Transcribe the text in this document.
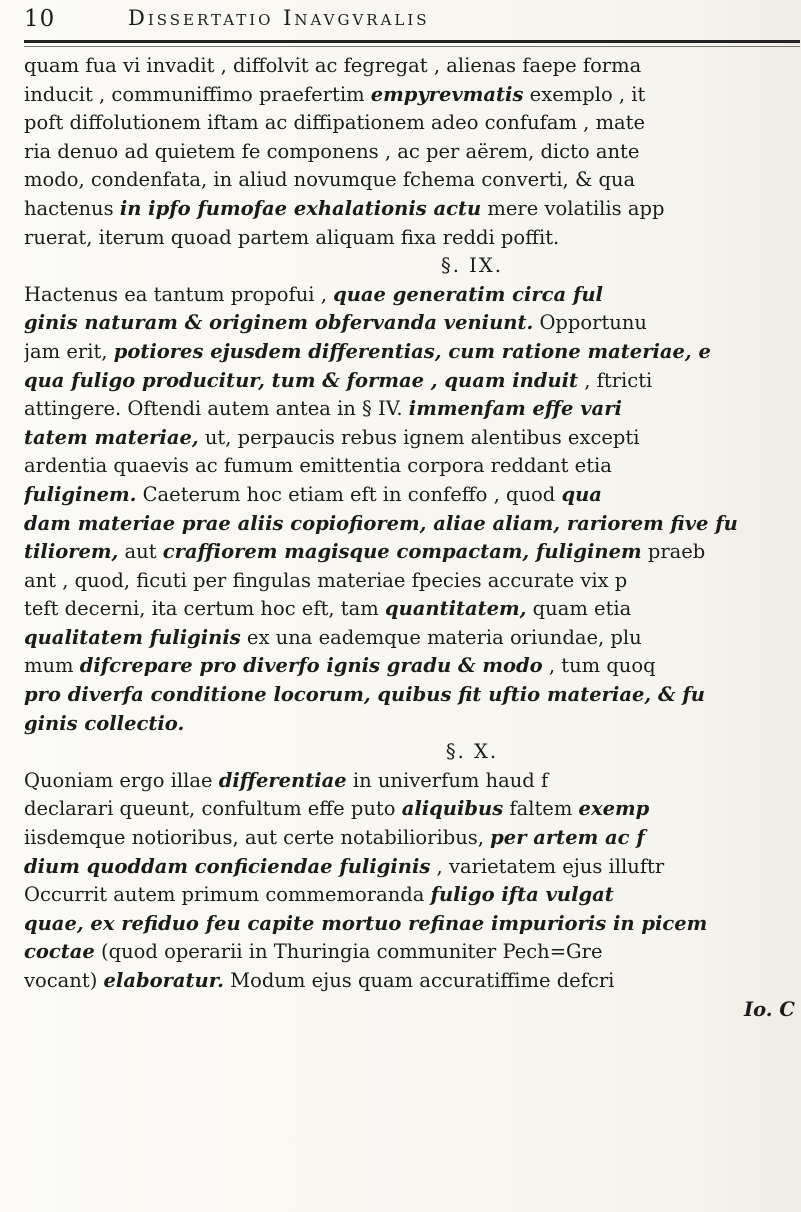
10	Dissertatio Inavgvralis
quam fua vi invadit , diffolvit ac fegregat , alienas faepe forma
inducit , communiffimo praefertim empyrevmatis exemplo , it
poft diffolutionem iftam ac diffipationem adeo confufam , mate
ria denuo ad quietem fe componens , ac per aërem, dicto ante
modo, condenfata, in aliud novumque fchema converti, & qua
hactenus in ipfo fumofae exhalationis actu mere volatilis app
ruerat, iterum quoad partem aliquam fixa reddi poffit.
§. IX.
Hactenus ea tantum propofui , quae generatim circa ful
ginis naturam & originem obfervanda veniunt. Opportunu
jam erit, potiores ejusdem differentias, cum ratione materiae, e
qua fuligo producitur, tum & formae , quam induit , ftricti
attingere. Oftendi autem antea in § IV. immenfam effe vari
tatem materiae, ut, perpaucis rebus ignem alentibus excepti
ardentia quaevis ac fumum emittentia corpora reddant etia
fuliginem. Caeterum hoc etiam eft in confeffo , quod qua
dam materiae prae aliis copiofiorem, aliae aliam, rariorem five fu
tiliorem, aut craffiorem magisque compactam, fuliginem praeb
ant , quod, ficuti per fingulas materiae fpecies accurate vix p
teft decerni, ita certum hoc eft, tam quantitatem, quam etia
qualitatem fuliginis ex una eademque materia oriundae, plu
mum difcrepare pro diverfo ignis gradu & modo , tum quoq
pro diverfa conditione locorum, quibus fit uftio materiae, & fu
ginis collectio.
§. X.
Quoniam ergo illae differentiae in univerfum haud f
declarari queunt, confultum effe puto aliquibus faltem exemp
iisdemque notioribus, aut certe notabilioribus, per artem ac f
dium quoddam conficiendae fuliginis , varietatem ejus illuftr
Occurrit autem primum commemoranda fuligo ifta vulgat
quae, ex refiduo feu capite mortuo refinae impurioris in picem
coctae (quod operarii in Thuringia communiter Pech=Gre
vocant) elaboratur. Modum ejus quam accuratiffime defcri
Io. C
